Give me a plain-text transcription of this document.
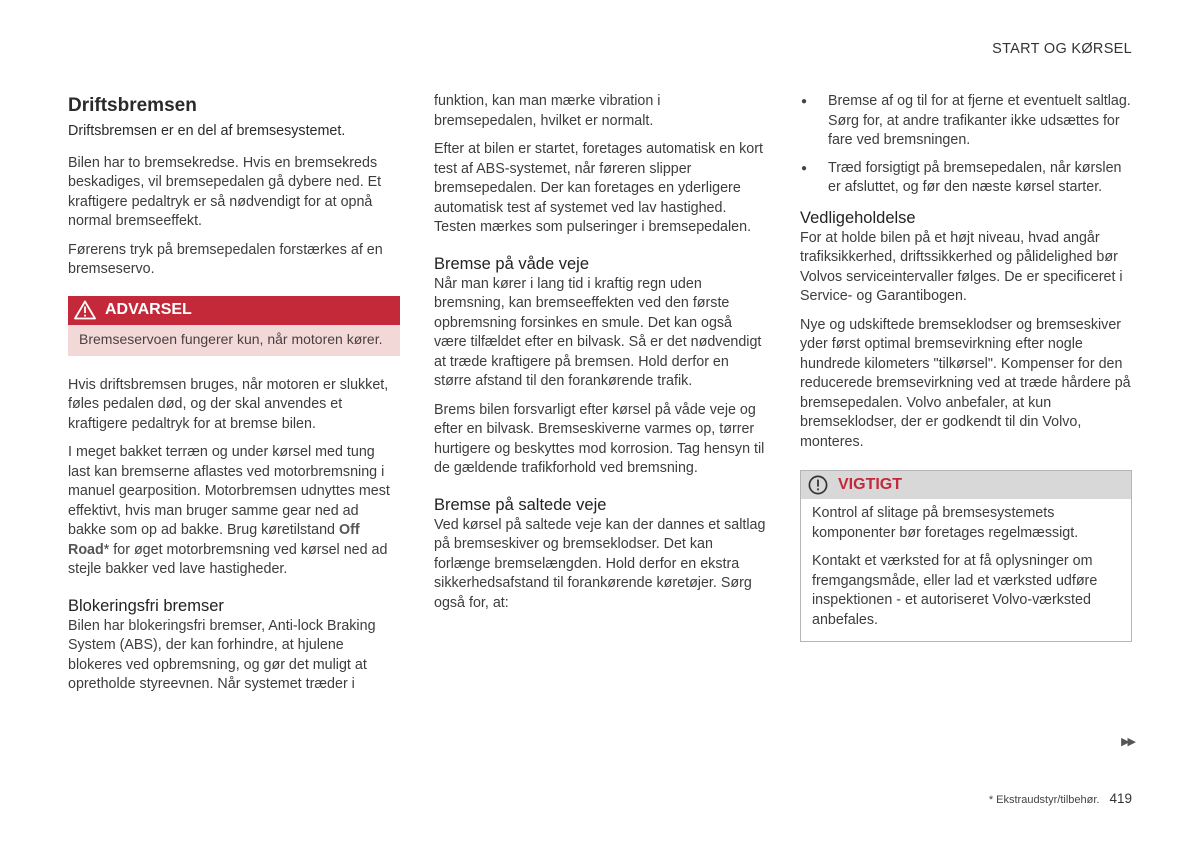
START OG KØRSEL
Driftsbremsen

Driftsbremsen er en del af bremsesystemet.

Bilen har to bremsekredse. Hvis en bremsekreds beskadiges, vil bremsepedalen gå dybere ned. Et kraftigere pedaltryk er så nødvendigt for at opnå normal bremseeffekt.

Førerens tryk på bremsepedalen forstærkes af en bremseservo.

ADVARSEL
Bremseservoen fungerer kun, når motoren kører.

Hvis driftsbremsen bruges, når motoren er slukket, føles pedalen død, og der skal anvendes et kraftigere pedaltryk for at bremse bilen.

I meget bakket terræn og under kørsel med tung last kan bremserne aflastes ved motorbremsning i manuel gearposition. Motorbremsen udnyttes mest effektivt, hvis man bruger samme gear ned ad bakke som op ad bakke. Brug køretilstand Off Road* for øget motorbremsning ved kørsel ned ad stejle bakker ved lave hastigheder.

Blokeringsfri bremser

Bilen har blokeringsfri bremser, Anti-lock Braking System (ABS), der kan forhindre, at hjulene blokeres ved opbremsning, og gør det muligt at opretholde styreevnen. Når systemet træder i

funktion, kan man mærke vibration i bremsepedalen, hvilket er normalt.

Efter at bilen er startet, foretages automatisk en kort test af ABS-systemet, når føreren slipper bremsepedalen. Der kan foretages en yderligere automatisk test af systemet ved lav hastighed. Testen mærkes som pulseringer i bremsepedalen.

Bremse på våde veje

Når man kører i lang tid i kraftig regn uden bremsning, kan bremseeffekten ved den første opbremsning forsinkes en smule. Det kan også være tilfældet efter en bilvask. Så er det nødvendigt at træde kraftigere på bremsen. Hold derfor en større afstand til den forankørende trafik.

Brems bilen forsvarligt efter kørsel på våde veje og efter en bilvask. Bremseskiverne varmes op, tørrer hurtigere og beskyttes mod korrosion. Tag hensyn til de gældende trafikforhold ved bremsning.

Bremse på saltede veje

Ved kørsel på saltede veje kan der dannes et saltlag på bremseskiver og bremseklodser. Det kan forlænge bremselængden. Hold derfor en ekstra sikkerhedsafstand til forankørende køretøjer. Sørg også for, at:

● Bremse af og til for at fjerne et eventuelt saltlag. Sørg for, at andre trafikanter ikke udsættes for fare ved bremsningen.
● Træd forsigtigt på bremsepedalen, når kørslen er afsluttet, og før den næste kørsel starter.
Vedligeholdelse

For at holde bilen på et højt niveau, hvad angår trafiksikkerhed, driftssikkerhed og pålidelighed bør Volvos serviceintervaller følges. De er specificeret i Service- og Garantibogen.

Nye og udskiftede bremseklodser og bremseskiver yder først optimal bremsevirkning efter nogle hundrede kilometers "tilkørsel". Kompenser for den reducerede bremsevirkning ved at træde hårdere på bremsepedalen. Volvo anbefaler, at kun bremseklodser, der er godkendt til din Volvo, monteres.

VIGTIGT

Kontrol af slitage på bremsesystemets komponenter bør foretages regelmæssigt.

Kontakt et værksted for at få oplysninger om fremgangsmåde, eller lad et værksted udføre inspektionen - et autoriseret Volvo-værksted anbefales.

▶▶
* Ekstraudstyr/tilbehør. 419
